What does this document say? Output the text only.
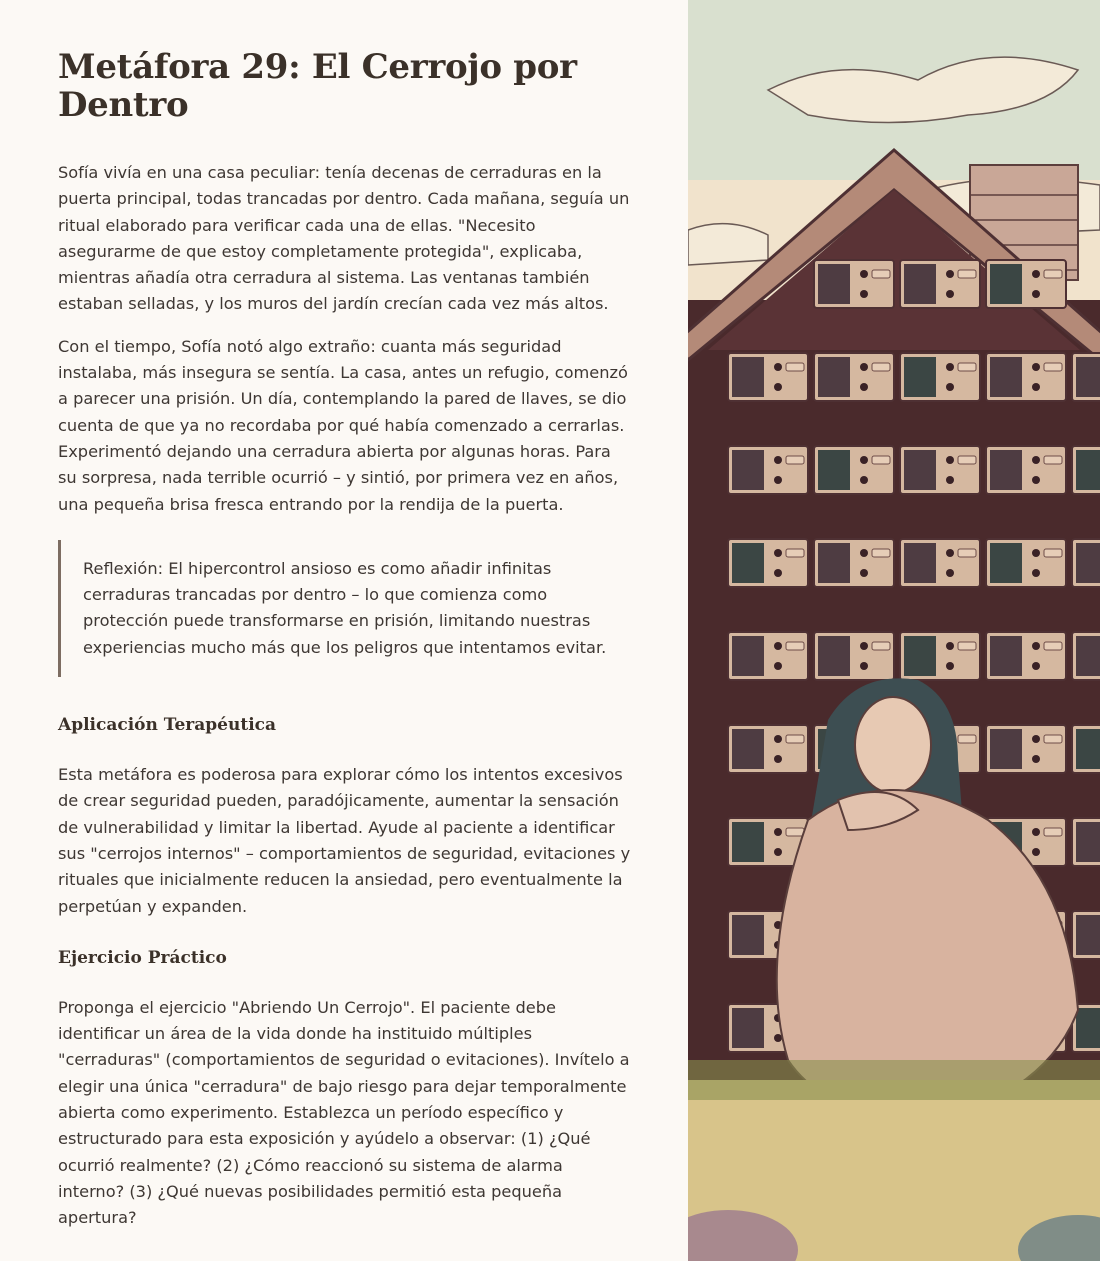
Metáfora 29: El Cerrojo por Dentro

Sofía vivía en una casa peculiar: tenía decenas de cerraduras en la puerta principal, todas trancadas por dentro. Cada mañana, seguía un ritual elaborado para verificar cada una de ellas. "Necesito asegurarme de que estoy completamente protegida", explicaba, mientras añadía otra cerradura al sistema. Las ventanas también estaban selladas, y los muros del jardín crecían cada vez más altos.

Con el tiempo, Sofía notó algo extraño: cuanta más seguridad instalaba, más insegura se sentía. La casa, antes un refugio, comenzó a parecer una prisión. Un día, contemplando la pared de llaves, se dio cuenta de que ya no recordaba por qué había comenzado a cerrarlas. Experimentó dejando una cerradura abierta por algunas horas. Para su sorpresa, nada terrible ocurrió – y sintió, por primera vez en años, una pequeña brisa fresca entrando por la rendija de la puerta.

Reflexión: El hipercontrol ansioso es como añadir infinitas cerraduras trancadas por dentro – lo que comienza como protección puede transformarse en prisión, limitando nuestras experiencias mucho más que los peligros que intentamos evitar.

Aplicación Terapéutica

Esta metáfora es poderosa para explorar cómo los intentos excesivos de crear seguridad pueden, paradójicamente, aumentar la sensación de vulnerabilidad y limitar la libertad. Ayude al paciente a identificar sus "cerrojos internos" – comportamientos de seguridad, evitaciones y rituales que inicialmente reducen la ansiedad, pero eventualmente la perpetúan y expanden.

Ejercicio Práctico

Proponga el ejercicio "Abriendo Un Cerrojo". El paciente debe identificar un área de la vida donde ha instituido múltiples "cerraduras" (comportamientos de seguridad o evitaciones). Invítelo a elegir una única "cerradura" de bajo riesgo para dejar temporalmente abierta como experimento. Establezca un período específico y estructurado para esta exposición y ayúdelo a observar: (1) ¿Qué ocurrió realmente? (2) ¿Cómo reaccionó su sistema de alarma interno? (3) ¿Qué nuevas posibilidades permitió esta pequeña apertura?
